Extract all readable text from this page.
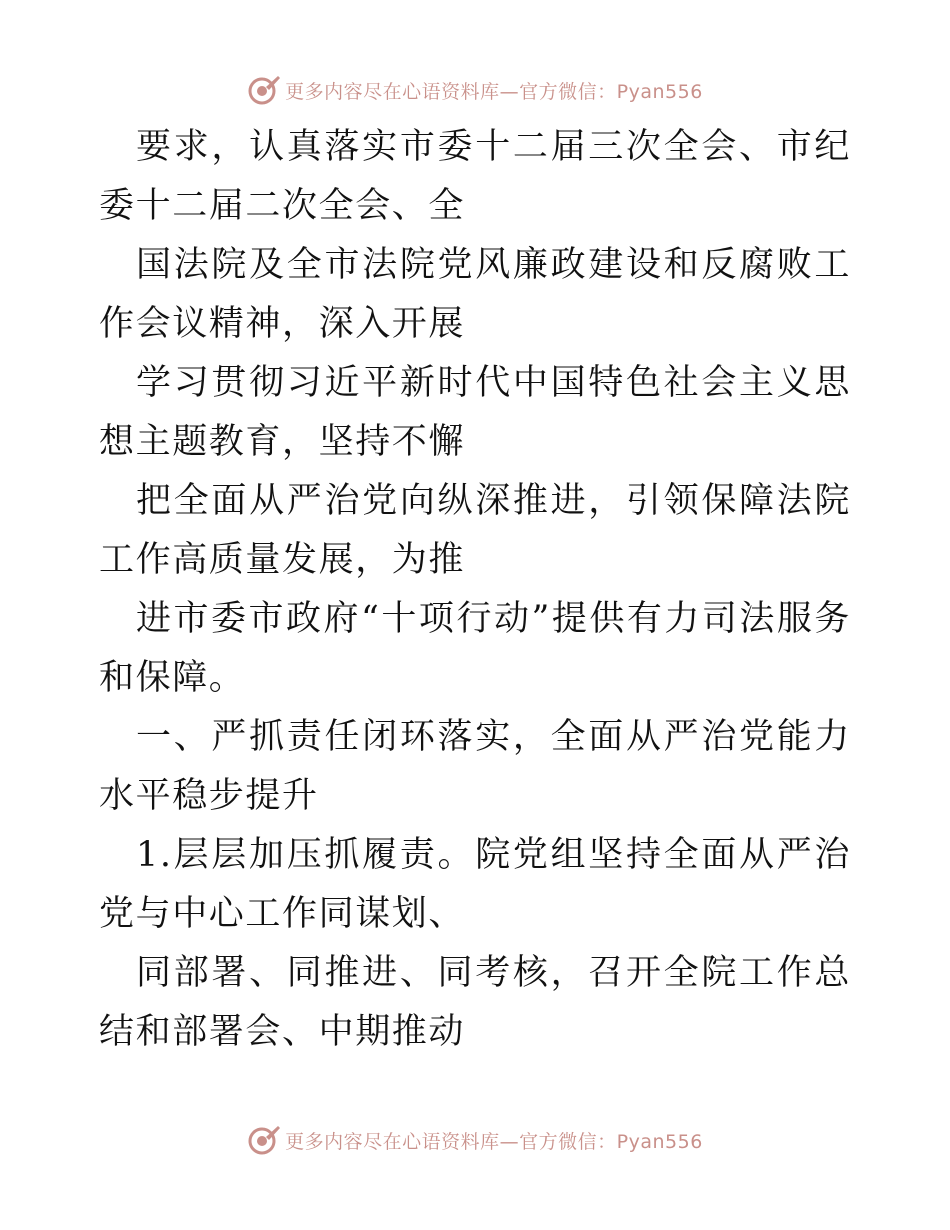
更多内容尽在心语资料库—官方微信：Pyan556

要求，认真落实市委十二届三次全会、市纪委十二届二次全会、全

国法院及全市法院党风廉政建设和反腐败工作会议精神，深入开展

学习贯彻习近平新时代中国特色社会主义思想主题教育，坚持不懈

把全面从严治党向纵深推进，引领保障法院工作高质量发展，为推

进市委市政府“十项行动”提供有力司法服务和保障。

一、严抓责任闭环落实，全面从严治党能力水平稳步提升

1.层层加压抓履责。院党组坚持全面从严治党与中心工作同谋划、

同部署、同推进、同考核，召开全院工作总结和部署会、中期推动

更多内容尽在心语资料库—官方微信：Pyan556
